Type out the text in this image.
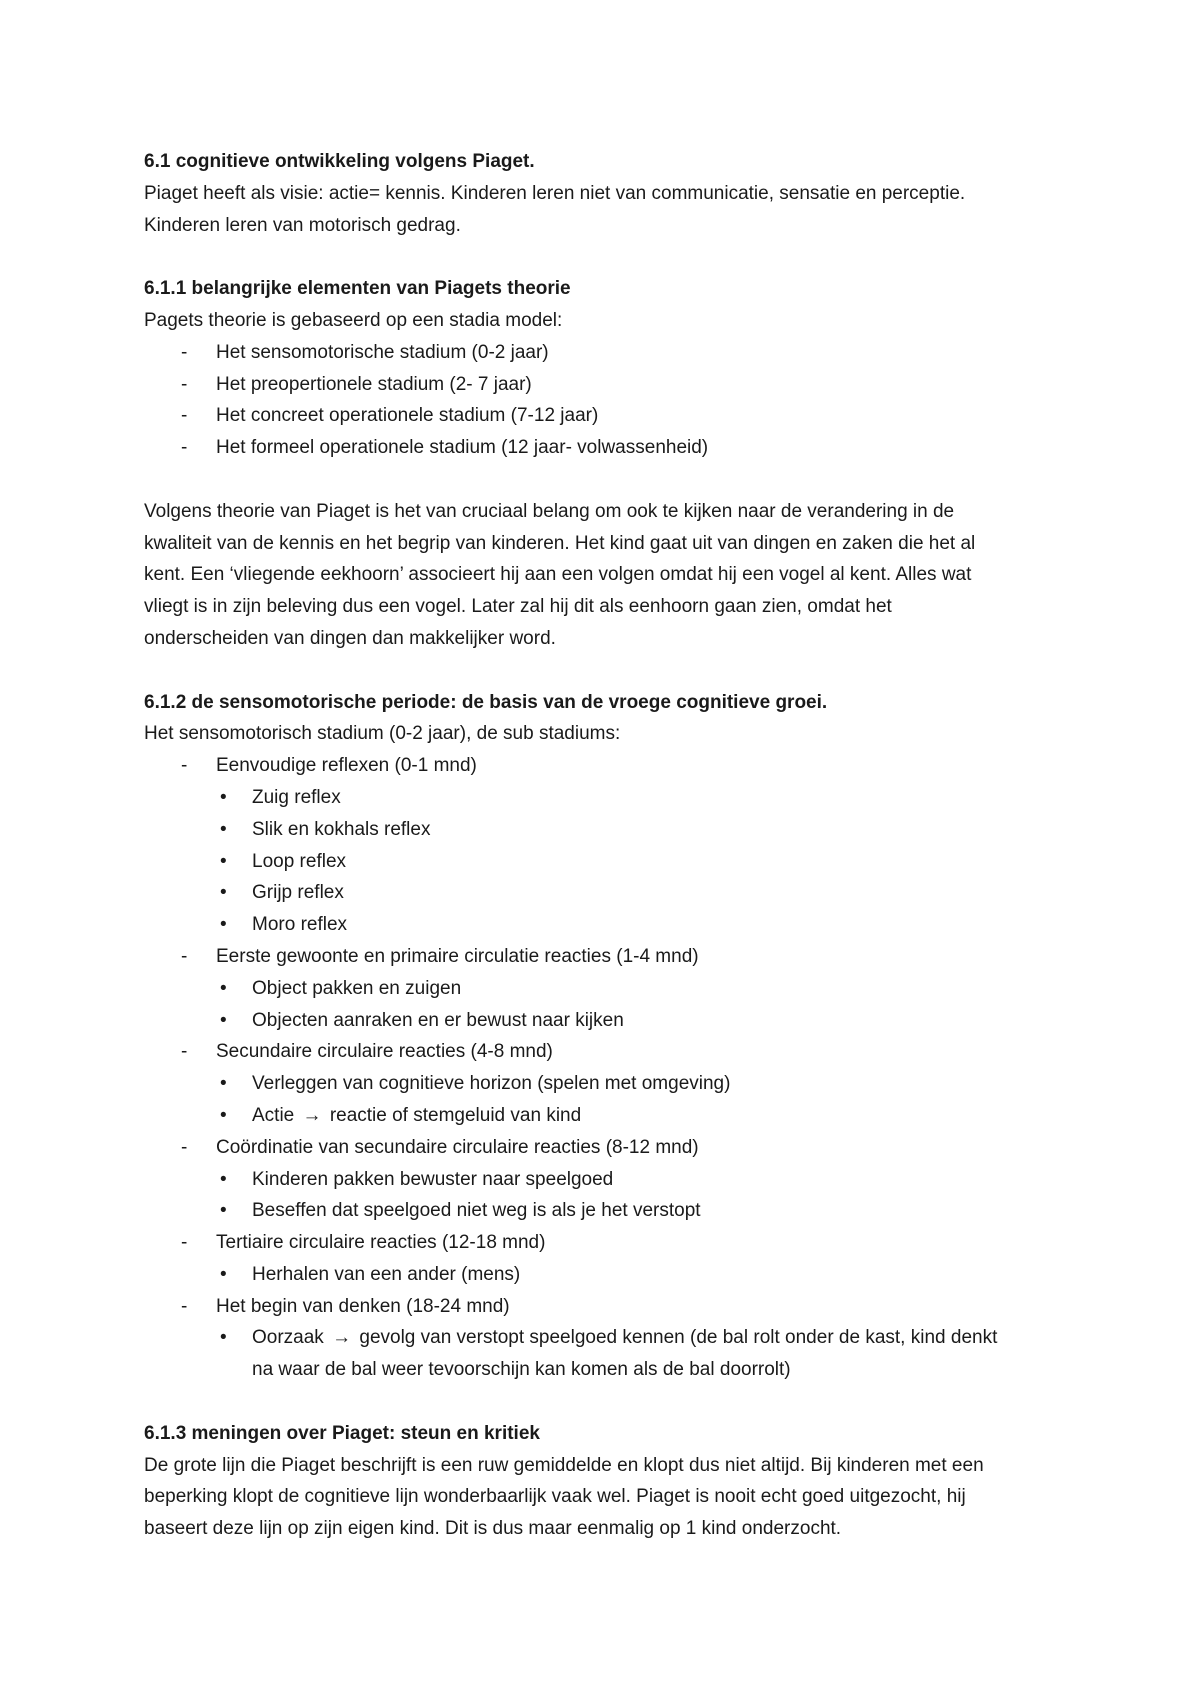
6.1 cognitieve ontwikkeling volgens Piaget.
Piaget heeft als visie: actie= kennis. Kinderen leren niet van communicatie, sensatie en perceptie.
Kinderen leren van motorisch gedrag.
6.1.1 belangrijke elementen van Piagets theorie
Pagets theorie is gebaseerd op een stadia model:
- Het sensomotorische stadium (0-2 jaar)
- Het preopertionele stadium (2- 7 jaar)
- Het concreet operationele stadium (7-12 jaar)
- Het formeel operationele stadium (12 jaar- volwassenheid)
Volgens theorie van Piaget is het van cruciaal belang om ook te kijken naar de verandering in de
kwaliteit van de kennis en het begrip van kinderen. Het kind gaat uit van dingen en zaken die het al
kent. Een ‘vliegende eekhoorn’ associeert hij aan een volgen omdat hij een vogel al kent. Alles wat
vliegt is in zijn beleving dus een vogel. Later zal hij dit als eenhoorn gaan zien, omdat het
onderscheiden van dingen dan makkelijker word.
6.1.2 de sensomotorische periode: de basis van de vroege cognitieve groei.
Het sensomotorisch stadium (0-2 jaar), de sub stadiums:
- Eenvoudige reflexen (0-1 mnd)
• Zuig reflex
• Slik en kokhals reflex
• Loop reflex
• Grijp reflex
• Moro reflex
- Eerste gewoonte en primaire circulatie reacties (1-4 mnd)
• Object pakken en zuigen
• Objecten aanraken en er bewust naar kijken
- Secundaire circulaire reacties (4-8 mnd)
• Verleggen van cognitieve horizon (spelen met omgeving)
• Actie → reactie of stemgeluid van kind
- Coördinatie van secundaire circulaire reacties (8-12 mnd)
• Kinderen pakken bewuster naar speelgoed
• Beseffen dat speelgoed niet weg is als je het verstopt
- Tertiaire circulaire reacties (12-18 mnd)
• Herhalen van een ander (mens)
- Het begin van denken (18-24 mnd)
• Oorzaak → gevolg van verstopt speelgoed kennen (de bal rolt onder de kast, kind denkt
na waar de bal weer tevoorschijn kan komen als de bal doorrolt)
6.1.3 meningen over Piaget: steun en kritiek
De grote lijn die Piaget beschrijft is een ruw gemiddelde en klopt dus niet altijd. Bij kinderen met een
beperking klopt de cognitieve lijn wonderbaarlijk vaak wel. Piaget is nooit echt goed uitgezocht, hij
baseert deze lijn op zijn eigen kind. Dit is dus maar eenmalig op 1 kind onderzocht.
